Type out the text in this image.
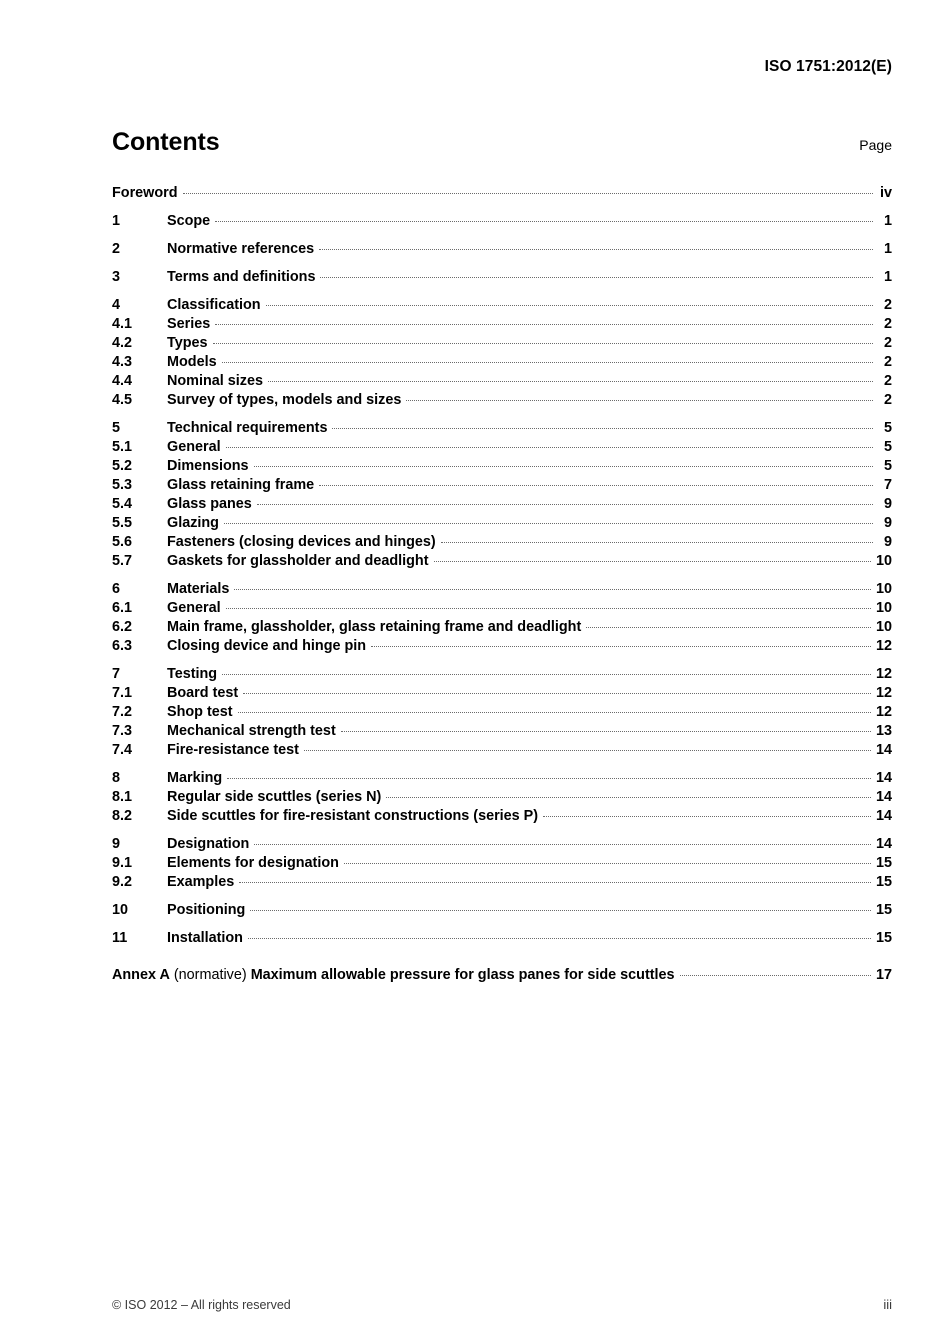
ISO 1751:2012(E)
Contents	Page
Foreword	iv
1	Scope	1
2	Normative references	1
3	Terms and definitions	1
4	Classification	2
4.1	Series	2
4.2	Types	2
4.3	Models	2
4.4	Nominal sizes	2
4.5	Survey of types, models and sizes	2
5	Technical requirements	5
5.1	General	5
5.2	Dimensions	5
5.3	Glass retaining frame	7
5.4	Glass panes	9
5.5	Glazing	9
5.6	Fasteners (closing devices and hinges)	9
5.7	Gaskets for glassholder and deadlight	10
6	Materials	10
6.1	General	10
6.2	Main frame, glassholder, glass retaining frame and deadlight	10
6.3	Closing device and hinge pin	12
7	Testing	12
7.1	Board test	12
7.2	Shop test	12
7.3	Mechanical strength test	13
7.4	Fire-resistance test	14
8	Marking	14
8.1	Regular side scuttles (series N)	14
8.2	Side scuttles for fire-resistant constructions (series P)	14
9	Designation	14
9.1	Elements for designation	15
9.2	Examples	15
10	Positioning	15
11	Installation	15
Annex A (normative) Maximum allowable pressure for glass panes for side scuttles	17
© ISO 2012 – All rights reserved	iii
